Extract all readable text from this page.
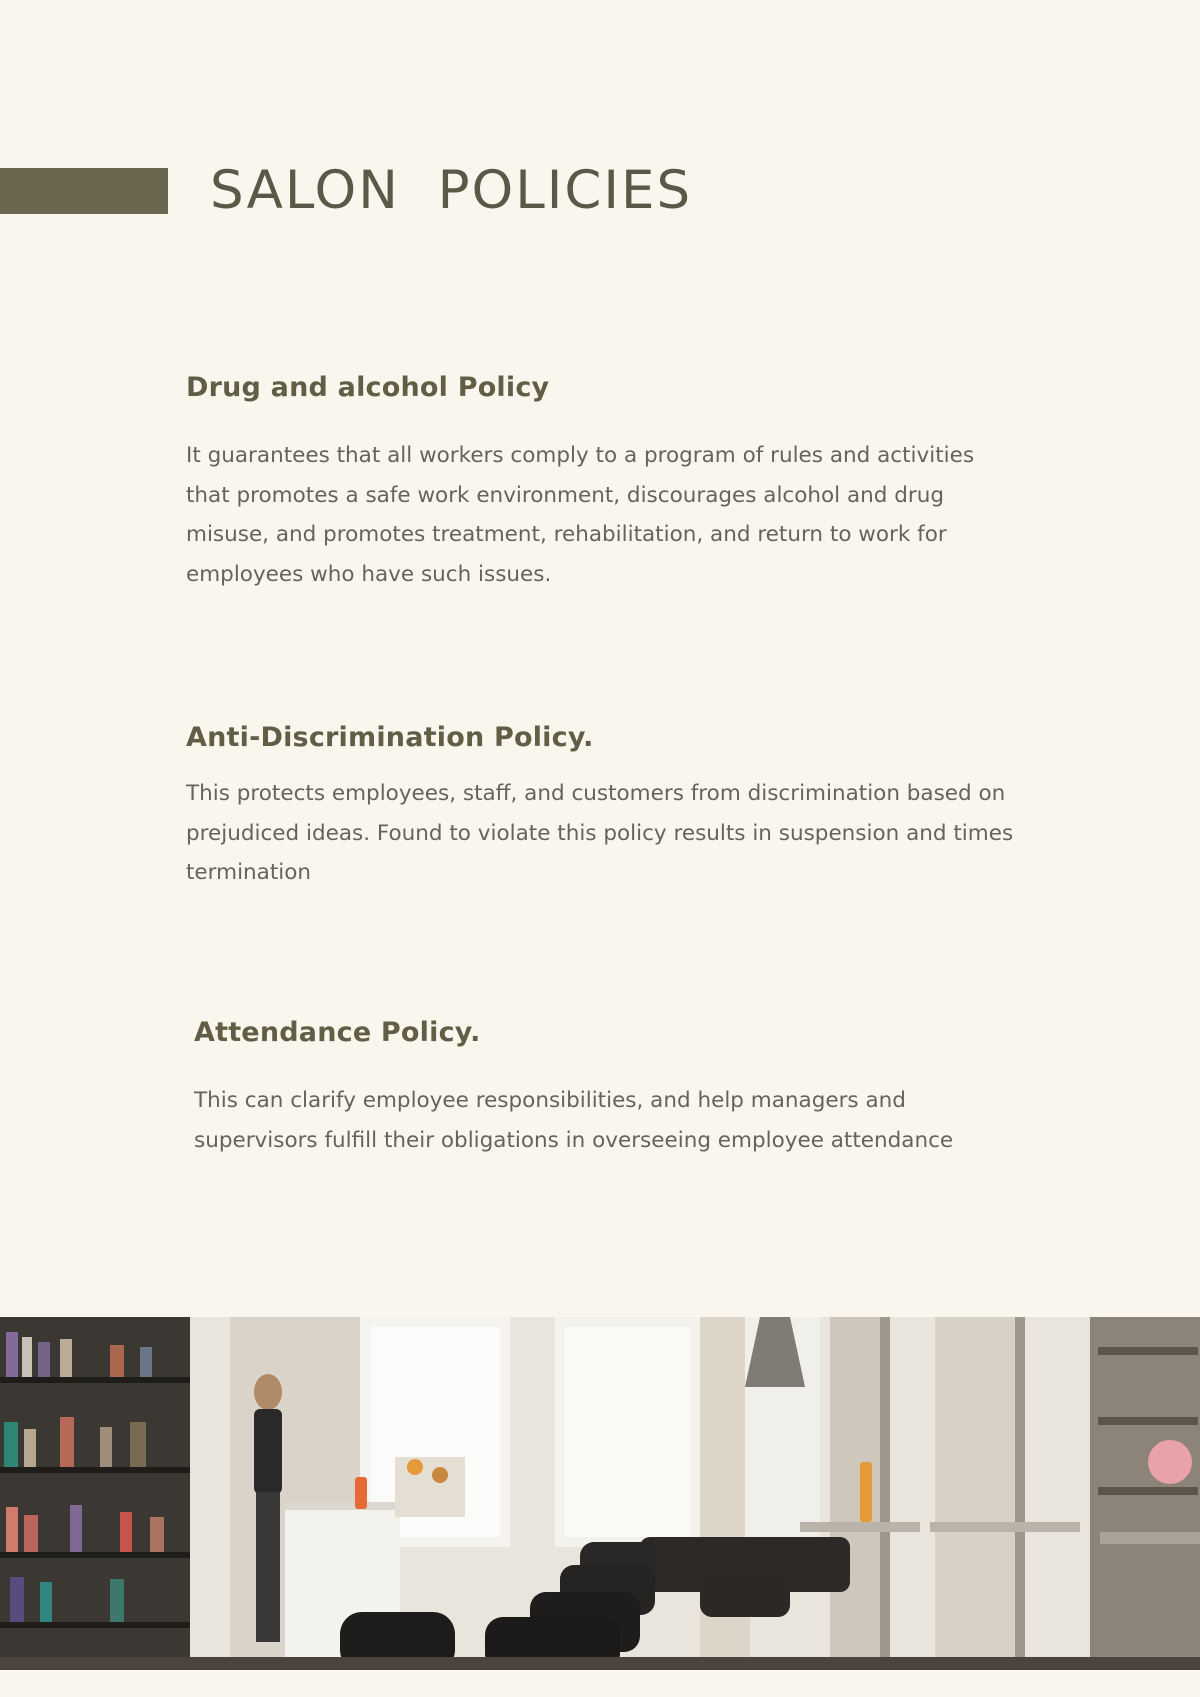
SALON  POLICIES
Drug and alcohol Policy

It guarantees that all workers comply to a program of rules and activities that promotes a safe work environment, discourages alcohol and drug misuse, and promotes treatment, rehabilitation, and return to work for employees who have such issues.

Anti-Discrimination Policy.

This protects employees, staff, and customers from discrimination based on prejudiced ideas. Found to violate this policy results in suspension and times termination

Attendance Policy.

This can clarify employee responsibilities, and help managers and supervisors fulfill their obligations in overseeing employee attendance
